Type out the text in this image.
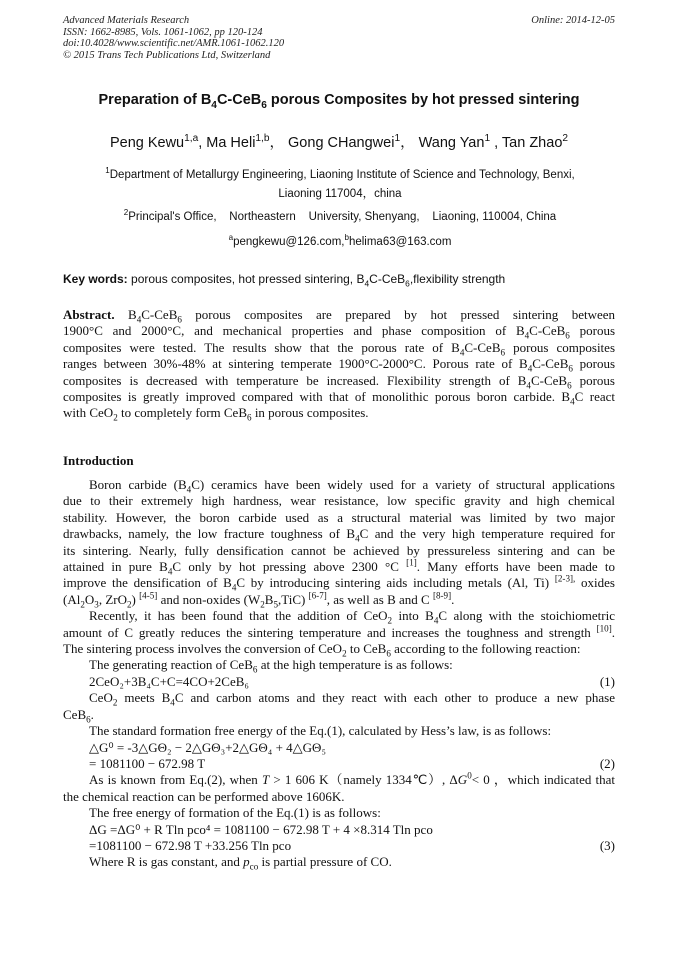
Advanced Materials Research
ISSN: 1662-8985, Vols. 1061-1062, pp 120-124
doi:10.4028/www.scientific.net/AMR.1061-1062.120
© 2015 Trans Tech Publications Ltd, Switzerland
Online: 2014-12-05
Preparation of $B_4C-CeB_6$ porous Composites by hot pressed sintering
Peng Kewu$^{1,a}$, Ma Heli$^{1,b}$， Gong CHangwei$^1$， Wang Yan$^1$ , Tan Zhao$^2$
$^1$Department of Metallurgy Engineering, Liaoning Institute of Science and Technology, Benxi,
Liaoning 117004，china
$^2$Principal's Office,    Northeastern    University, Shenyang,    Liaoning, 110004, China
$^a$pengkewu@126.com,$^b$helima63@163.com
Key words: porous composites, hot pressed sintering, $B_4C-CeB_6,flexibility$ strength
Abstract. $B_4C-CeB_6$ porous composites are prepared by hot pressed sintering between
1900°C and 2000°C, and mechanical properties and phase composition of $B_4C-CeB_6$ porous
composites were tested. The results show that the porous rate of $B_4C-CeB_6$ porous composites
ranges between 30%-48% at sintering temperate 1900°C-2000°C. Porous rate of $B_4C-CeB_6$ porous
composites is decreased with temperature be increased. Flexibility strength of $B_4C-CeB_6$ porous
composites is greatly improved compared with that of monolithic porous boron carbide. $B_4C$ react
with CeO$_2$ to completely form CeB$_6$ in porous composites.
Introduction
Boron carbide $(B_4C)$ ceramics have been widely used for a variety of structural applications
due to their extremely high hardness, wear resistance, low specific gravity and high chemical
stability. However, the boron carbide used as a structural material was limited by two major
drawbacks, namely, the low fracture toughness of $B_4C$ and the very high temperature required for
its sintering. Nearly, fully densification cannot be achieved by pressureless sintering and can be
attained in pure $B_4C$ only by hot pressing above 2300 °C [1]. Many efforts have been made to
improve the densification of $B_4C$ by introducing sintering aids including metals (Al, Ti) $^{[2-3],}$ oxides
($Al_2O_3$, ZrO$_2$) [4-5] and non-oxides $(W_2B_5,TiC)$ [6-7], as well as B and C [8-9].
Recently, it has been found that the addition of CeO$_2$ into $B_4C$ along with the stoichiometric
amount of C greatly reduces the sintering temperature and increases the toughness and strength [10].
The sintering process involves the conversion of CeO$_2$ to CeB$_6$ according to the following reaction:
The generating reaction of CeB$_6$ at the high temperature is as follows:
2CeO₂+3B₄C+C=4CO+2CeB₆	(1)
CeO$_2$ meets $B_4C$ and carbon atoms and they react with each other to produce a new phase
CeB$_6$.
The standard formation free energy of the Eq.(1), calculated by Hess’s law, is as follows:
△G⁰ = -3△GΘ₂ − 2△GΘ₃+2△GΘ₄ + 4△GΘ₅
= 1081100 − 672.98 T	(2)
As is known from Eq.(2), when T > 1 606 K（namely 1334℃）, $\Delta G^0< 0$ ，which indicated that
the chemical reaction can be performed above 1606K.
The free energy of formation of the Eq.(1) is as follows:
ΔG =ΔG⁰ + R Tln pco⁴ = 1081100 − 672.98 T + 4 ×8.314 Tln pco
=1081100 − 672.98 T +33.256 Tln pco	(3)
Where R is gas constant, and $p_{co}$ is partial pressure of CO.
